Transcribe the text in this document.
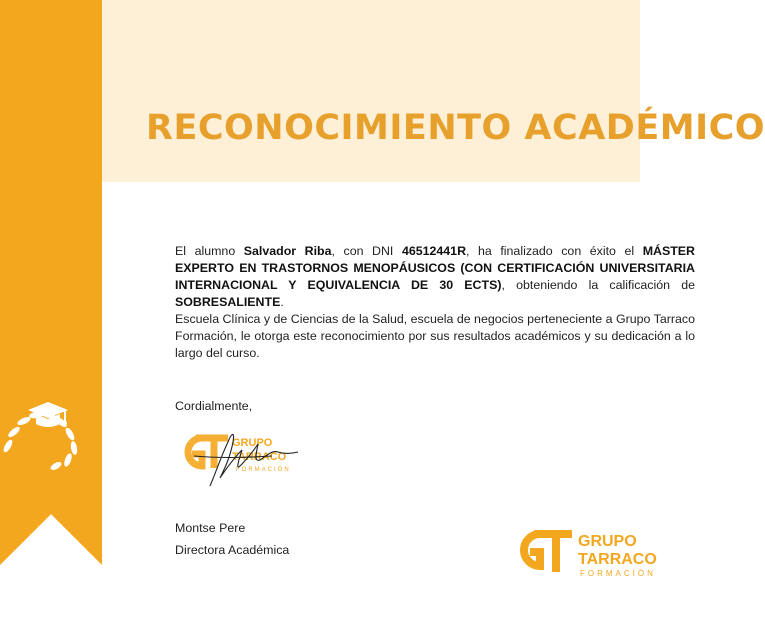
RECONOCIMIENTO ACADÉMICO

El alumno Salvador Riba, con DNI 46512441R, ha finalizado con éxito el MÁSTER EXPERTO EN TRASTORNOS MENOPÁUSICOS (CON CERTIFICACIÓN UNIVERSITARIA INTERNACIONAL Y EQUIVALENCIA DE 30 ECTS), obteniendo la calificación de SOBRESALIENTE.

Escuela Clínica y de Ciencias de la Salud, escuela de negocios perteneciente a Grupo Tarraco Formación, le otorga este reconocimiento por sus resultados académicos y su dedicación a lo largo del curso.

Cordialmente,
GRUPO
TARRACO
FORMACIÓN
Montse Pere
Directora Académica	GRUPO
TARRACO
FORMACIÓN
